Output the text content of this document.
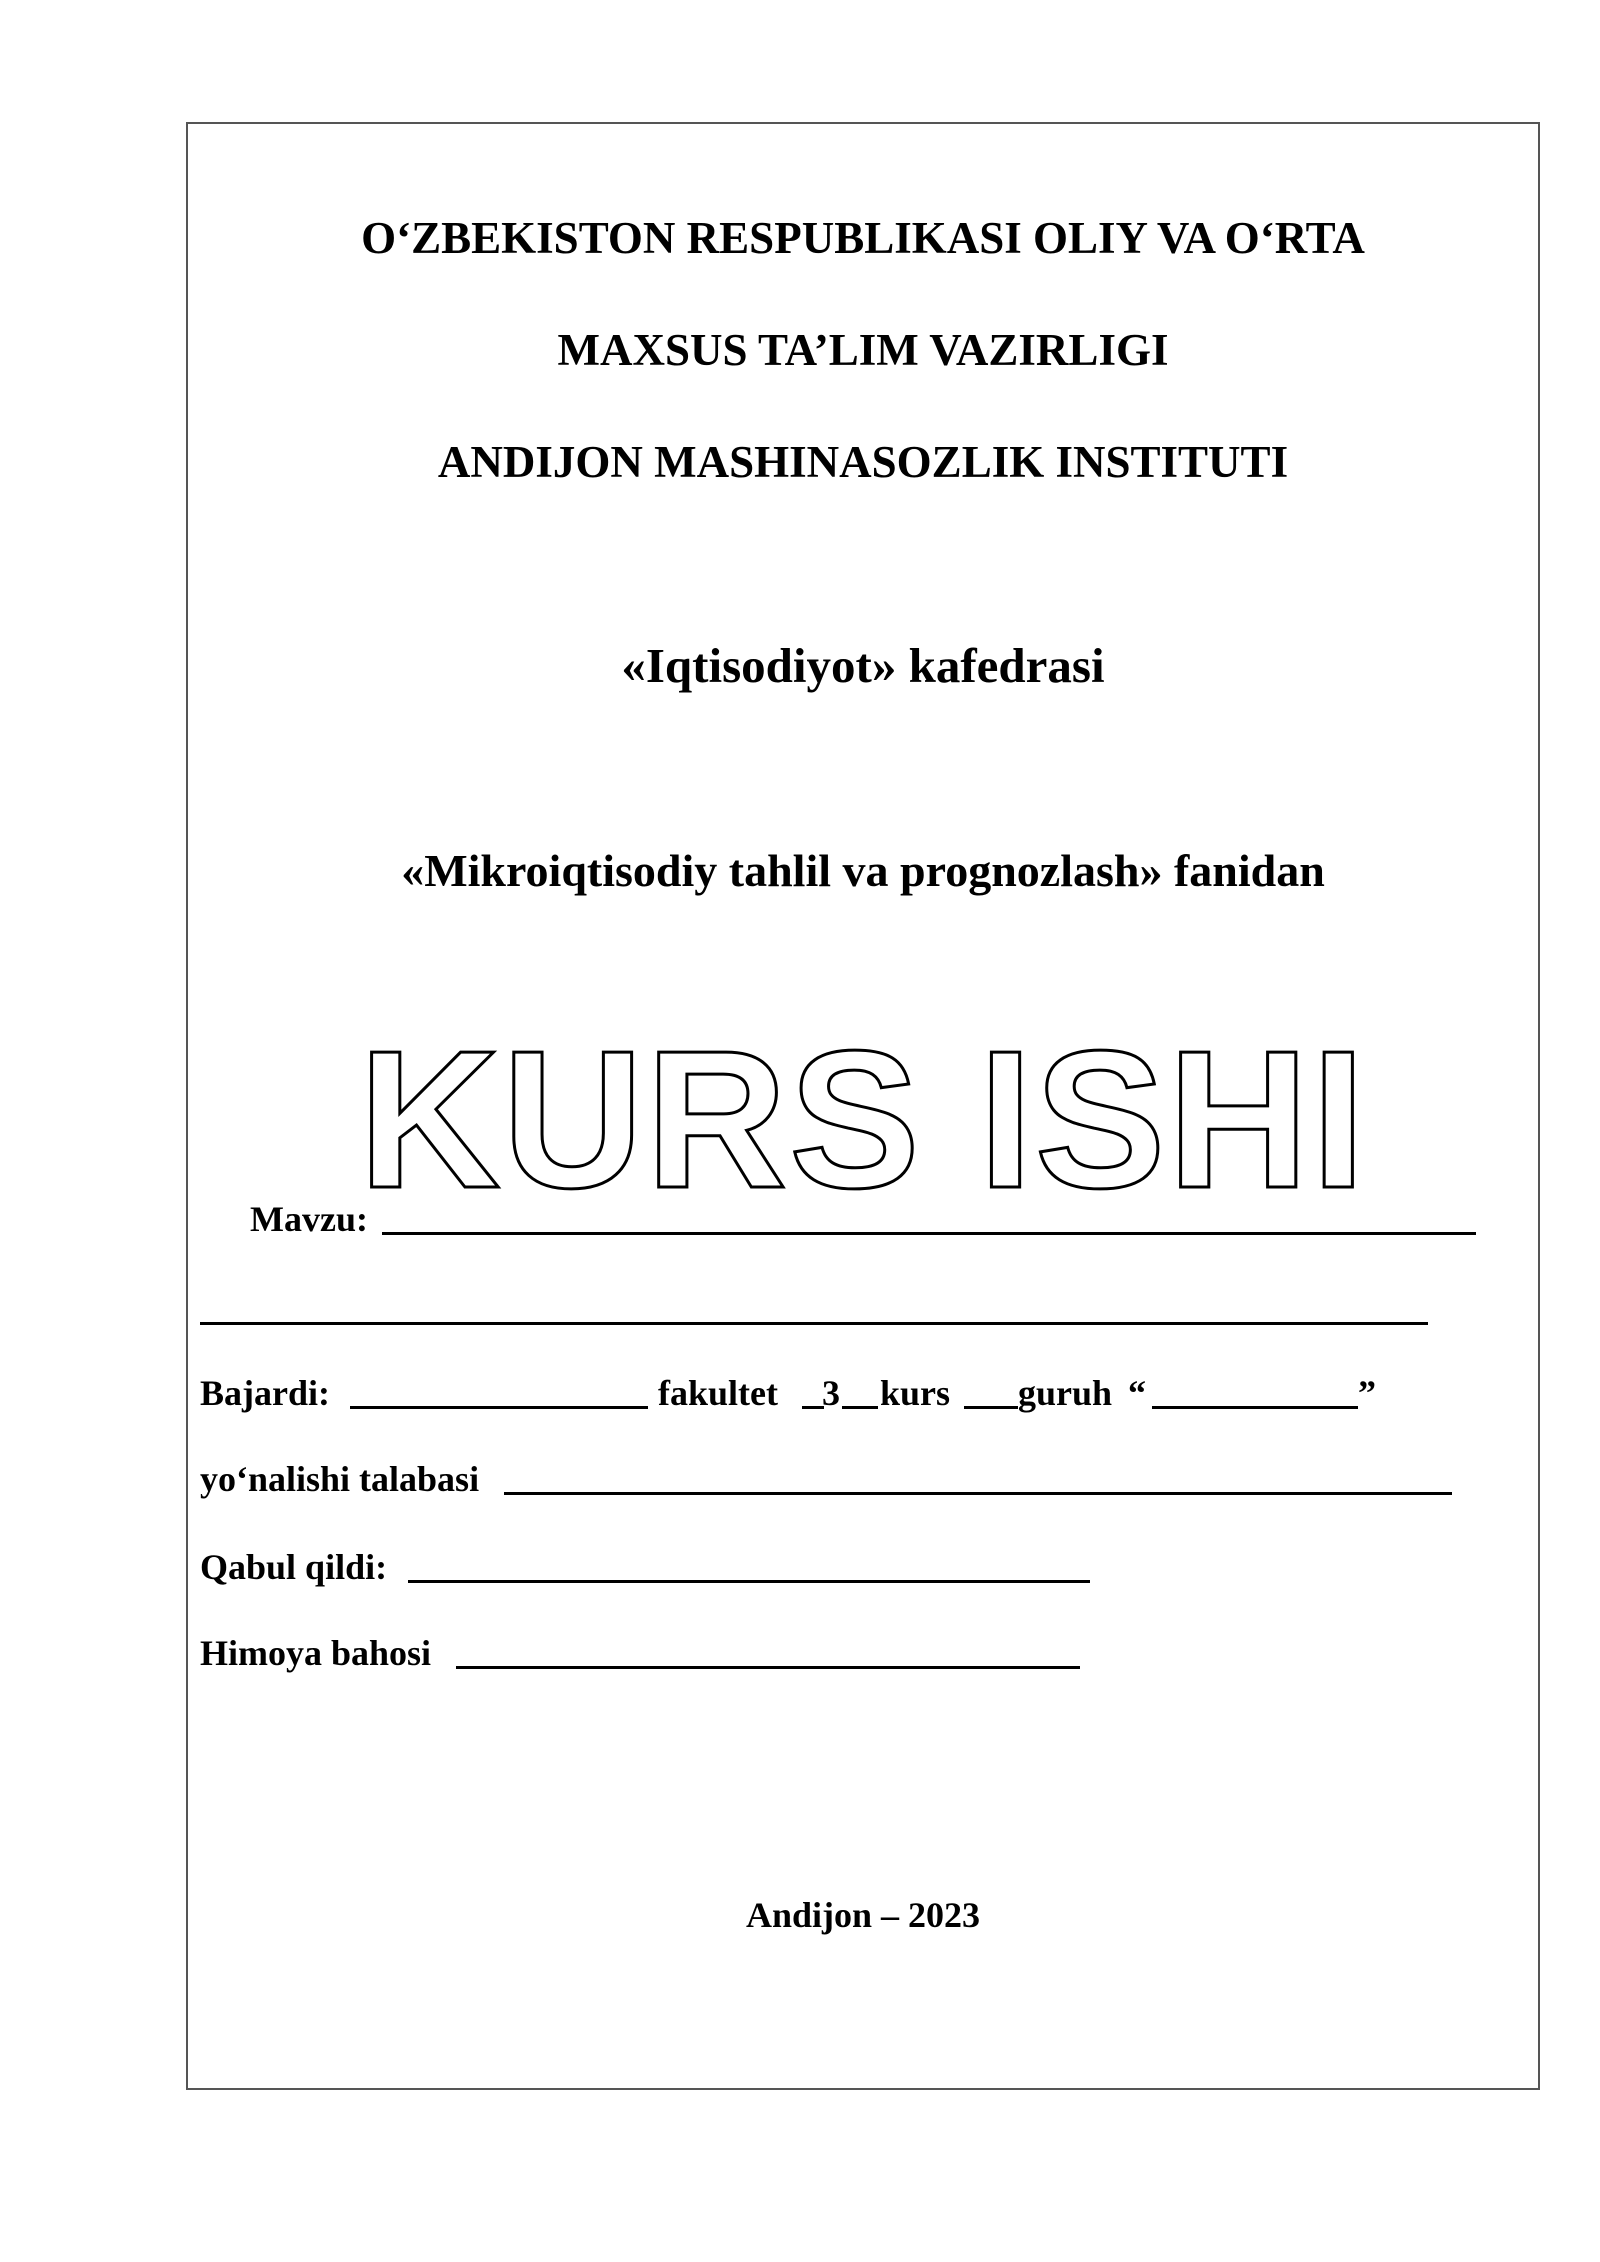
O‘ZBEKISTON RESPUBLIKASI OLIY VA O‘RTA
MAXSUS TA’LIM VAZIRLIGI
ANDIJON MASHINASOZLIK INSTITUTI
«Iqtisodiyot» kafedrasi
«Mikroiqtisodiy tahlil va prognozlash» fanidan
KURS ISHI
Mavzu:
Bajardi:	fakultet 3 kurs guruh “	”
yo‘nalishi talabasi
Qabul qildi:
Himoya bahosi
Andijon – 2023
